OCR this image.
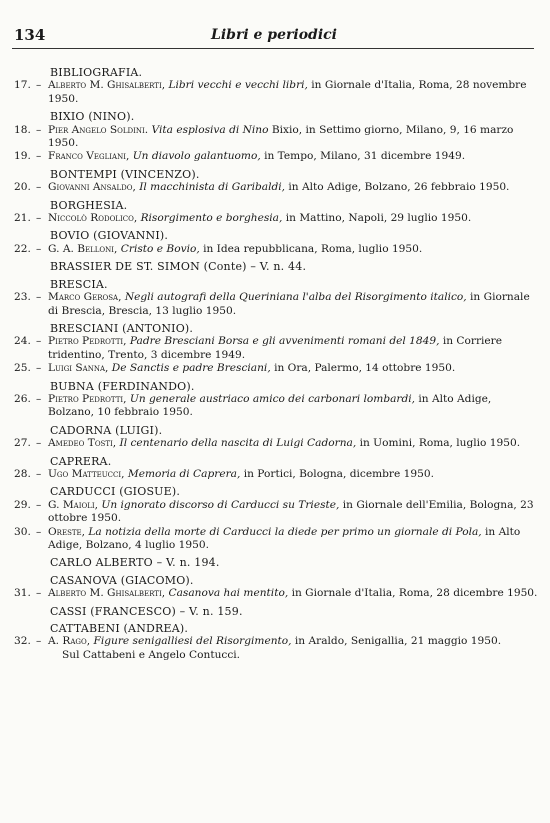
134	Libri e periodici
BIBLIOGRAFIA.
17. – Alberto M. Ghisalberti, Libri vecchi e vecchi libri, in Giornale d'Italia, Roma, 28 novembre 1950.
BIXIO (NINO).
18. – Pier Angelo Soldini. Vita esplosiva di Nino Bixio, in Settimo giorno, Milano, 9, 16 marzo 1950.
19. – Franco Vegliani, Un diavolo galantuomo, in Tempo, Milano, 31 dicembre 1949.
BONTEMPI (VINCENZO).
20. – Giovanni Ansaldo, Il macchinista di Garibaldi, in Alto Adige, Bolzano, 26 febbraio 1950.
BORGHESIA.
21. – Niccolò Rodolico, Risorgimento e borghesia, in Mattino, Napoli, 29 luglio 1950.
BOVIO (GIOVANNI).
22. – G. A. Belloni, Cristo e Bovio, in Idea repubblicana, Roma, luglio 1950.
BRASSIER DE ST. SIMON (Conte) – V. n. 44.
BRESCIA.
23. – Marco Gerosa, Negli autografi della Queriniana l'alba del Risorgimento italico, in Giornale di Brescia, Brescia, 13 luglio 1950.
BRESCIANI (ANTONIO).
24. – Pietro Pedrotti, Padre Bresciani Borsa e gli avvenimenti romani del 1849, in Corriere tridentino, Trento, 3 dicembre 1949.
25. – Luigi Sanna, De Sanctis e padre Bresciani, in Ora, Palermo, 14 ottobre 1950.
BUBNA (FERDINANDO).
26. – Pietro Pedrotti, Un generale austriaco amico dei carbonari lombardi, in Alto Adige, Bolzano, 10 febbraio 1950.
CADORNA (LUIGI).
27. – Amedeo Tosti, Il centenario della nascita di Luigi Cadorna, in Uomini, Roma, luglio 1950.
CAPRERA.
28. – Ugo Matteucci, Memoria di Caprera, in Portici, Bologna, dicembre 1950.
CARDUCCI (GIOSUE).
29. – G. Maioli, Un ignorato discorso di Carducci su Trieste, in Giornale dell'Emilia, Bologna, 23 ottobre 1950.
30. – Oreste, La notizia della morte di Carducci la diede per primo un giornale di Pola, in Alto Adige, Bolzano, 4 luglio 1950.
CARLO ALBERTO – V. n. 194.
CASANOVA (GIACOMO).
31. – Alberto M. Ghisalberti, Casanova hai mentito, in Giornale d'Italia, Roma, 28 dicembre 1950.
CASSI (FRANCESCO) – V. n. 159.
CATTABENI (ANDREA).
32. – A. Rago, Figure senigalliesi del Risorgimento, in Araldo, Senigallia, 21 maggio 1950.
Sul Cattabeni e Angelo Contucci.
